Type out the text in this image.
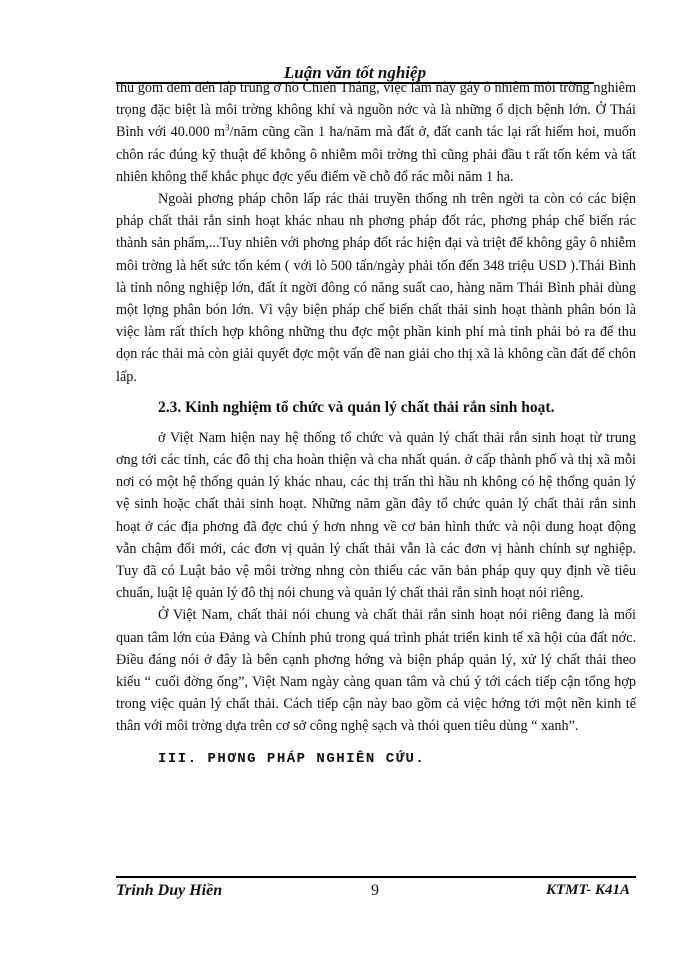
Luận văn tốt nghiệp

thu gom đem đến lấp trũng ở hồ Chiến Thắng, việc làm này gây ô nhiễm môi trờng nghiêm trọng đặc biệt là môi trờng không khí và nguồn nớc và là những ổ dịch bệnh lớn. Ở Thái Bình với 40.000 $m^3$/năm cũng cần 1 ha/năm mà đất ở, đất canh tác lại rất hiếm hoi, muốn chôn rác đúng kỹ thuật để không ô nhiễm môi trờng thì cũng phải đầu t rất tốn kém và tất nhiên không thể khắc phục đợc yếu điểm về chỗ đổ rác mỗi năm 1 ha.

Ngoài phơng pháp chôn lấp rác thải truyền thống nh trên ngời ta còn có các biện pháp chất thải rắn sinh hoạt khác nhau nh phơng pháp đốt rác, phơng pháp chế biến rác thành sản phẩm,...Tuy nhiên với phơng pháp đốt rác hiện đại và triệt để không gây ô nhiễm môi trờng là hết sức tốn kém ( với lò 500 tấn/ngày phải tốn đến 348 triệu USD ).Thái Bình là tỉnh nông nghiệp lớn, đất ít ngời đông có năng suất cao, hàng năm Thái Bình phải dùng một lợng phân bón lớn. Vì vậy biện pháp chế biến chất thải sinh hoạt thành phân bón là việc làm rất thích hợp không những thu đợc một phần kinh phí mà tỉnh phải bỏ ra để thu dọn rác thải mà còn giải quyết đợc một vấn đề nan giải cho thị xã là không cần đất để chôn lấp.

2.3. Kinh nghiệm tổ chức và quản lý chất thải rắn sinh hoạt.

ở Việt Nam hiện nay hệ thống tổ chức và quản lý chất thải rắn sinh hoạt từ trung ơng tới các tỉnh, các đô thị cha hoàn thiện và cha nhất quán. ở cấp thành phố và thị xã mỗi nơi có một hệ thống quản lý khác nhau, các thị trấn thì hầu nh không có hệ thống quản lý vệ sinh hoặc chất thải sinh hoạt. Những năm gần đây tổ chức quản lý chất thải rắn sinh hoạt ở các địa phơng đã đợc chú ý hơn nhng về cơ bản hình thức và nội dung hoạt động vẫn chậm đổi mới, các đơn vị quản lý chất thải vẫn là các đơn vị hành chính sự nghiệp. Tuy đã có Luật bảo vệ môi trờng nhng còn thiếu các văn bản pháp quy quy định về tiêu chuẩn, luật lệ quản lý đô thị nói chung và quản lý chất thải rắn sinh hoạt nói riêng.

Ở Việt Nam, chất thải nói chung và chất thải rắn sinh hoạt nói riêng đang là mối quan tâm lớn của Đảng và Chính phủ trong quá trình phát triển kinh tế xã hội của đất nớc. Điều đáng nói ở đây là bên cạnh phơng hớng và biện pháp quản lý, xử lý chất thải theo kiểu “ cuối đờng ống”, Việt Nam ngày càng quan tâm và chú ý tới cách tiếp cận tổng hợp trong việc quản lý chất thải. Cách tiếp cận này bao gồm cả việc hớng tới một nền kinh tế thân với môi trờng dựa trên cơ sở công nghệ sạch và thói quen tiêu dùng “ xanh”.

III. PHƠNG PHÁP NGHIÊN CỨU.
Trinh Duy Hiền	9	KTMT- K41A
